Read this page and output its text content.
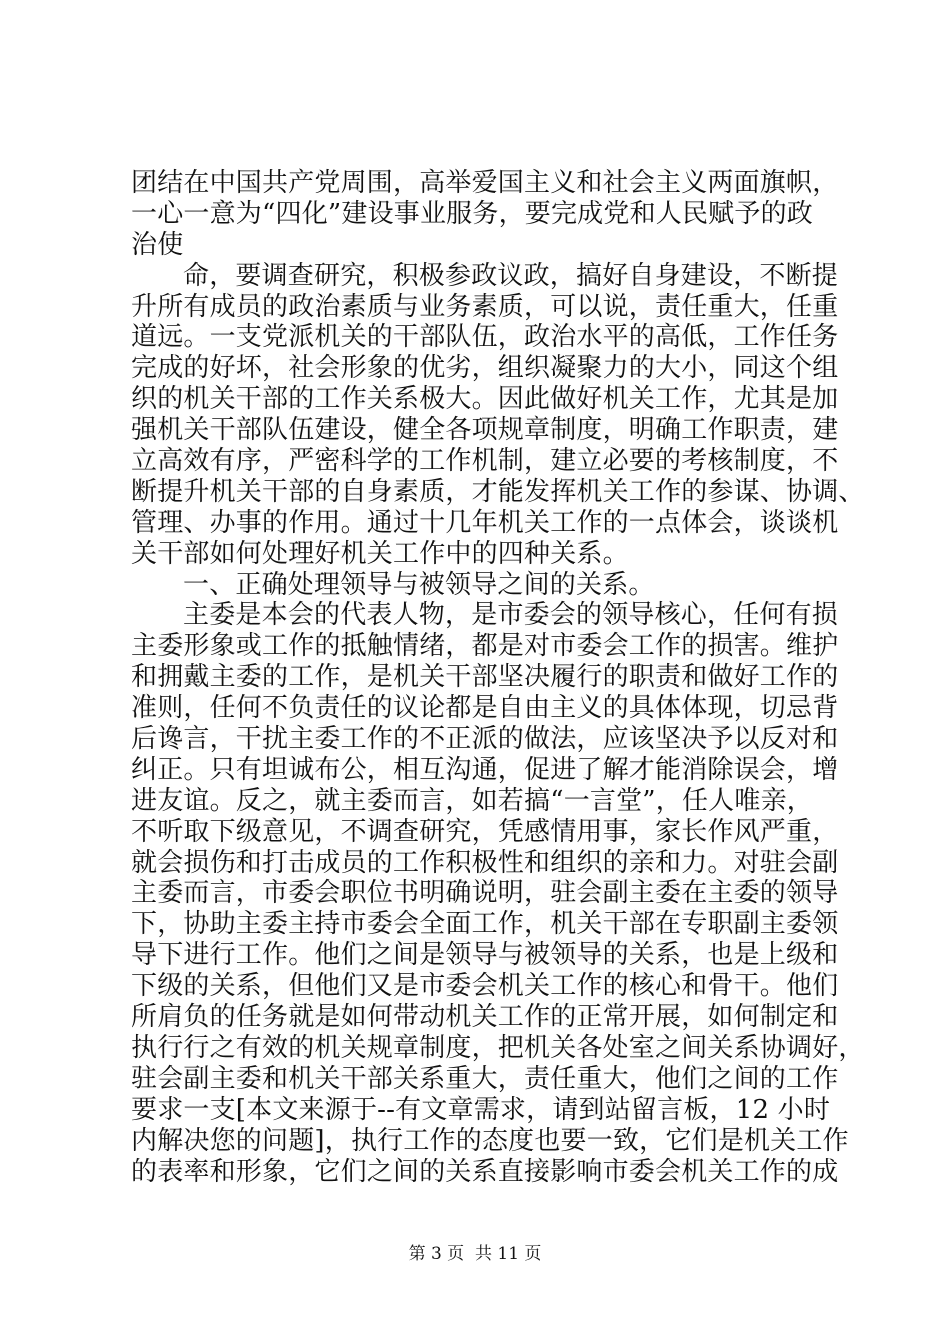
团结在中国共产党周围，高举爱国主义和社会主义两面旗帜，
一心一意为“四化”建设事业服务，要完成党和人民赋予的政
治使
命，要调查研究，积极参政议政，搞好自身建设，不断提
升所有成员的政治素质与业务素质，可以说，责任重大，任重
道远。一支党派机关的干部队伍，政治水平的高低，工作任务
完成的好坏，社会形象的优劣，组织凝聚力的大小，同这个组
织的机关干部的工作关系极大。因此做好机关工作，尤其是加
强机关干部队伍建设，健全各项规章制度，明确工作职责，建
立高效有序，严密科学的工作机制，建立必要的考核制度，不
断提升机关干部的自身素质，才能发挥机关工作的参谋、协调、
管理、办事的作用。通过十几年机关工作的一点体会，谈谈机
关干部如何处理好机关工作中的四种关系。
一、正确处理领导与被领导之间的关系。
主委是本会的代表人物，是市委会的领导核心，任何有损
主委形象或工作的抵触情绪，都是对市委会工作的损害。维护
和拥戴主委的工作，是机关干部坚决履行的职责和做好工作的
准则，任何不负责任的议论都是自由主义的具体体现，切忌背
后谗言，干扰主委工作的不正派的做法，应该坚决予以反对和
纠正。只有坦诚布公，相互沟通，促进了解才能消除误会，增
进友谊。反之，就主委而言，如若搞“一言堂”，任人唯亲，
不听取下级意见，不调查研究，凭感情用事，家长作风严重，
就会损伤和打击成员的工作积极性和组织的亲和力。对驻会副
主委而言，市委会职位书明确说明，驻会副主委在主委的领导
下，协助主委主持市委会全面工作，机关干部在专职副主委领
导下进行工作。他们之间是领导与被领导的关系，也是上级和
下级的关系，但他们又是市委会机关工作的核心和骨干。他们
所肩负的任务就是如何带动机关工作的正常开展，如何制定和
执行行之有效的机关规章制度，把机关各处室之间关系协调好，
驻会副主委和机关干部关系重大，责任重大，他们之间的工作
要求一支[本文来源于--有文章需求，请到站留言板，12 小时
内解决您的问题]，执行工作的态度也要一致，它们是机关工作
的表率和形象，它们之间的关系直接影响市委会机关工作的成
第 3 页  共 11 页
